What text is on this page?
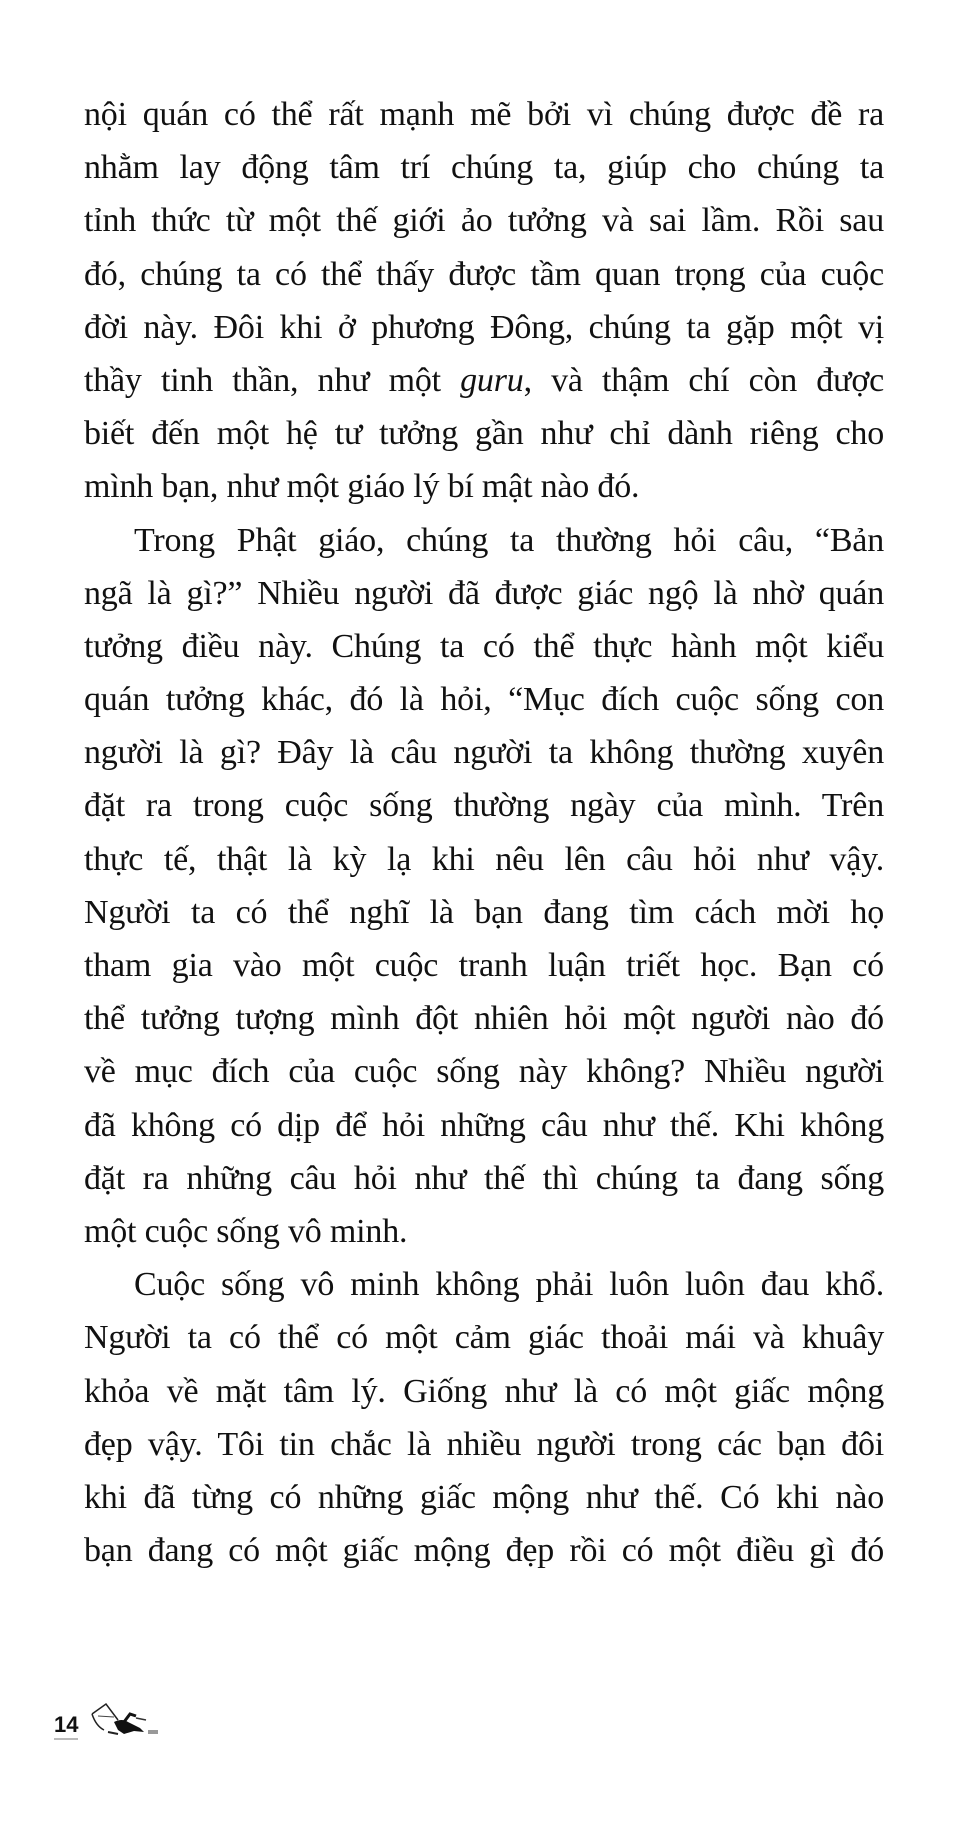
nội quán có thể rất mạnh mẽ bởi vì chúng được đề ra
nhằm lay động tâm trí chúng ta, giúp cho chúng ta
tỉnh thức từ một thế giới ảo tưởng và sai lầm. Rồi sau
đó, chúng ta có thể thấy được tầm quan trọng của cuộc
đời này. Đôi khi ở phương Đông, chúng ta gặp một vị
thầy tinh thần, như một guru, và thậm chí còn được
biết đến một hệ tư tưởng gần như chỉ dành riêng cho
mình bạn, như một giáo lý bí mật nào đó.
Trong Phật giáo, chúng ta thường hỏi câu, “Bản
ngã là gì?” Nhiều người đã được giác ngộ là nhờ quán
tưởng điều này. Chúng ta có thể thực hành một kiểu
quán tưởng khác, đó là hỏi, “Mục đích cuộc sống con
người là gì? Đây là câu người ta không thường xuyên
đặt ra trong cuộc sống thường ngày của mình. Trên
thực tế, thật là kỳ lạ khi nêu lên câu hỏi như vậy.
Người ta có thể nghĩ là bạn đang tìm cách mời họ
tham gia vào một cuộc tranh luận triết học. Bạn có
thể tưởng tượng mình đột nhiên hỏi một người nào đó
về mục đích của cuộc sống này không? Nhiều người
đã không có dịp để hỏi những câu như thế. Khi không
đặt ra những câu hỏi như thế thì chúng ta đang sống
một cuộc sống vô minh.
Cuộc sống vô minh không phải luôn luôn đau khổ.
Người ta có thể có một cảm giác thoải mái và khuây
khỏa về mặt tâm lý. Giống như là có một giấc mộng
đẹp vậy. Tôi tin chắc là nhiều người trong các bạn đôi
khi đã từng có những giấc mộng như thế. Có khi nào
bạn đang có một giấc mộng đẹp rồi có một điều gì đó
14
